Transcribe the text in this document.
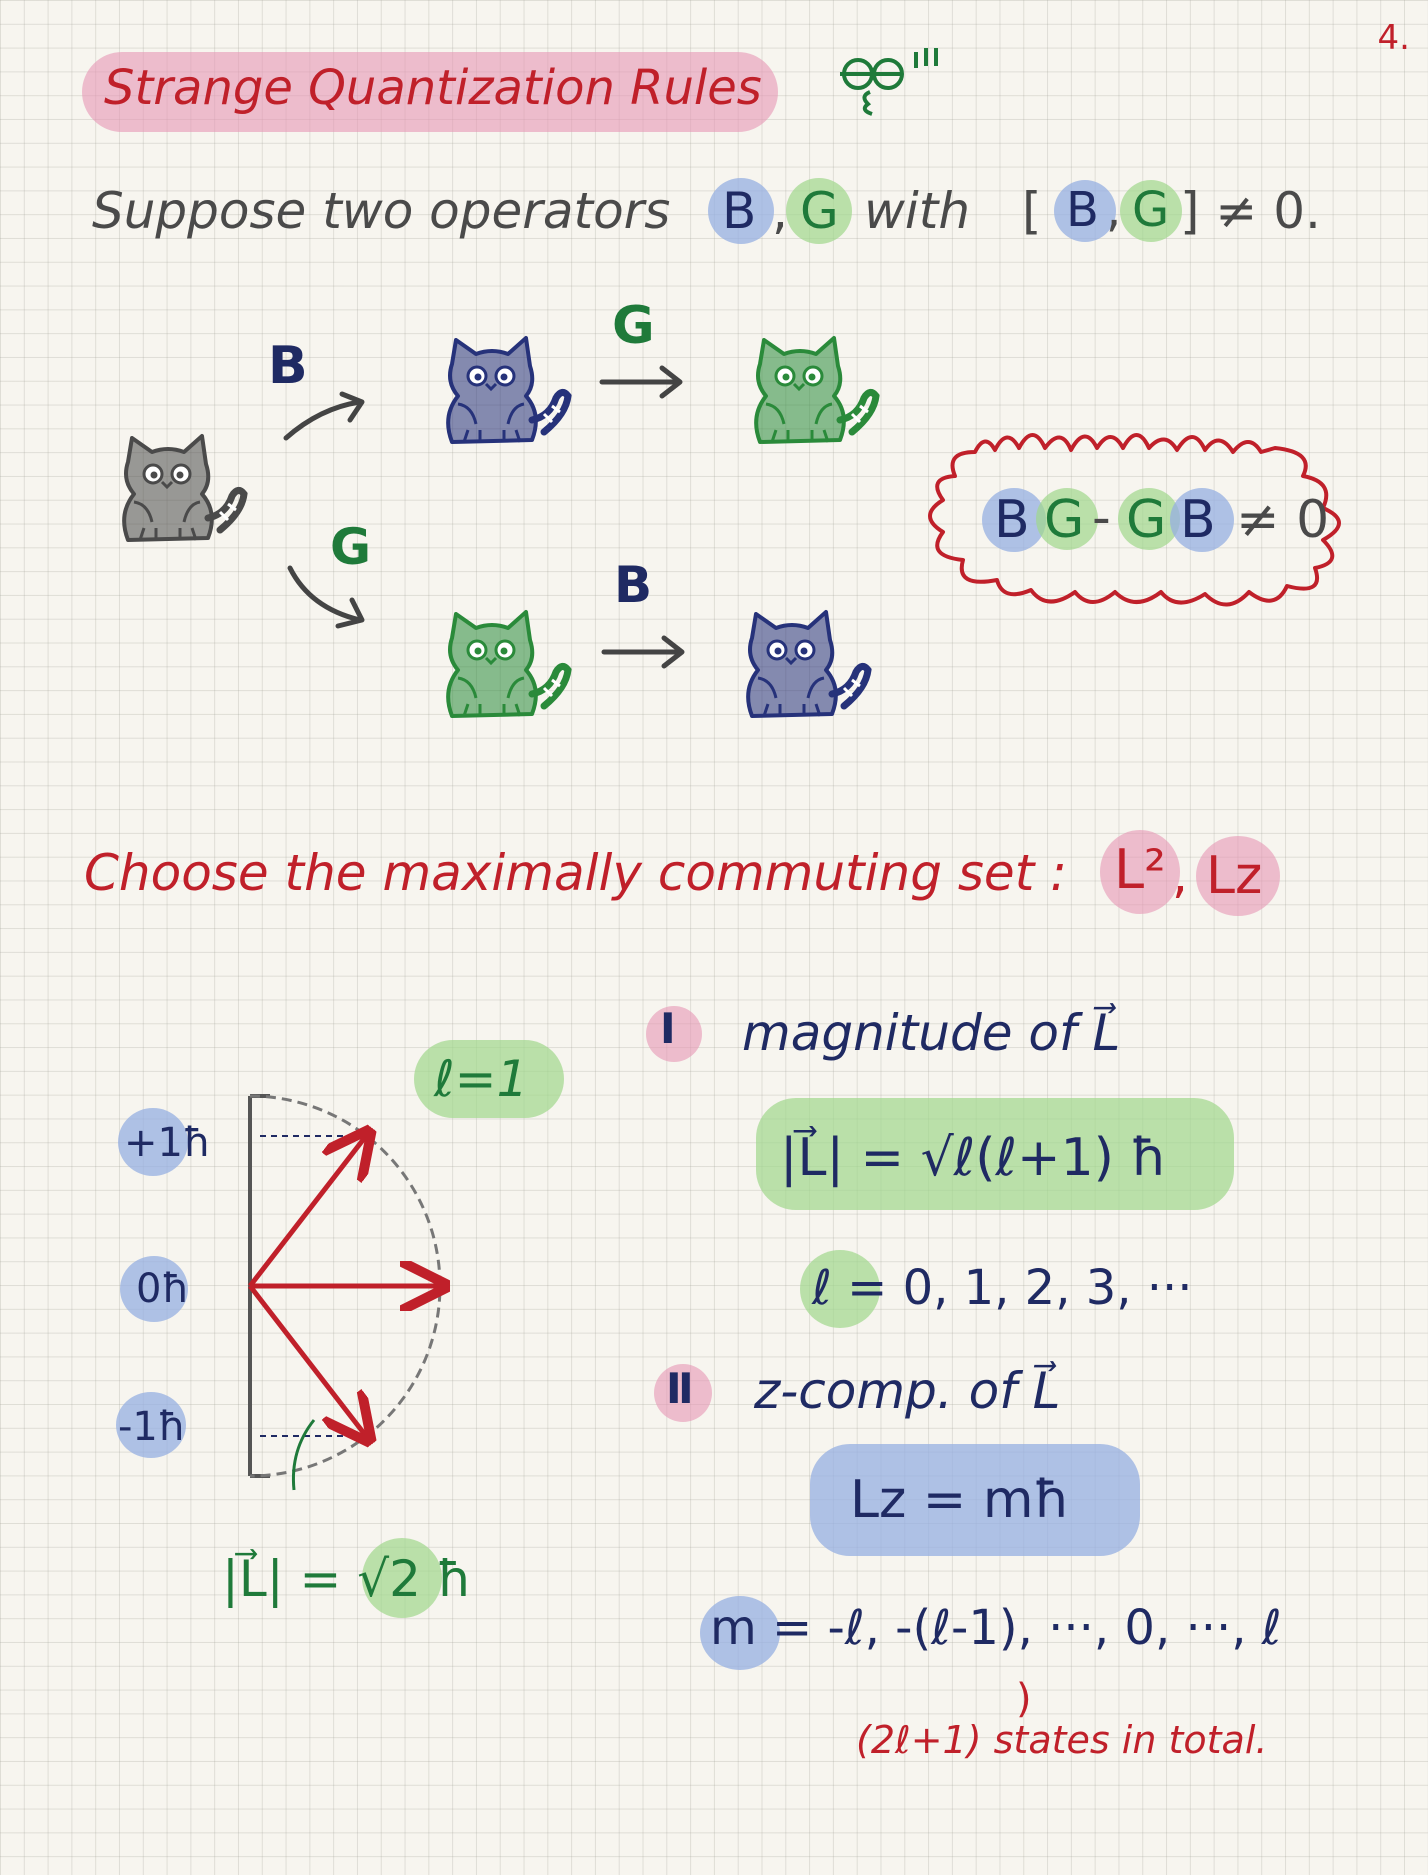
4.
Strange Quantization Rules
Suppose two operators B , G with [ B , G ] ≠ 0.
B
G
G
B
B G - G B ≠ 0
Choose the maximally commuting set : L² , Lz
ℓ=1
+1ħ
0ħ
-1ħ
|L⃗| = √2 ħ
Ⅰ magnitude of L⃗
|L⃗| = √ℓ(ℓ+1) ħ
ℓ = 0, 1, 2, 3, ···
Ⅱ z-comp. of L⃗
Lz = mħ
m = -ℓ, -(ℓ-1), ···, 0, ···, ℓ
)
(2ℓ+1) states in total.
